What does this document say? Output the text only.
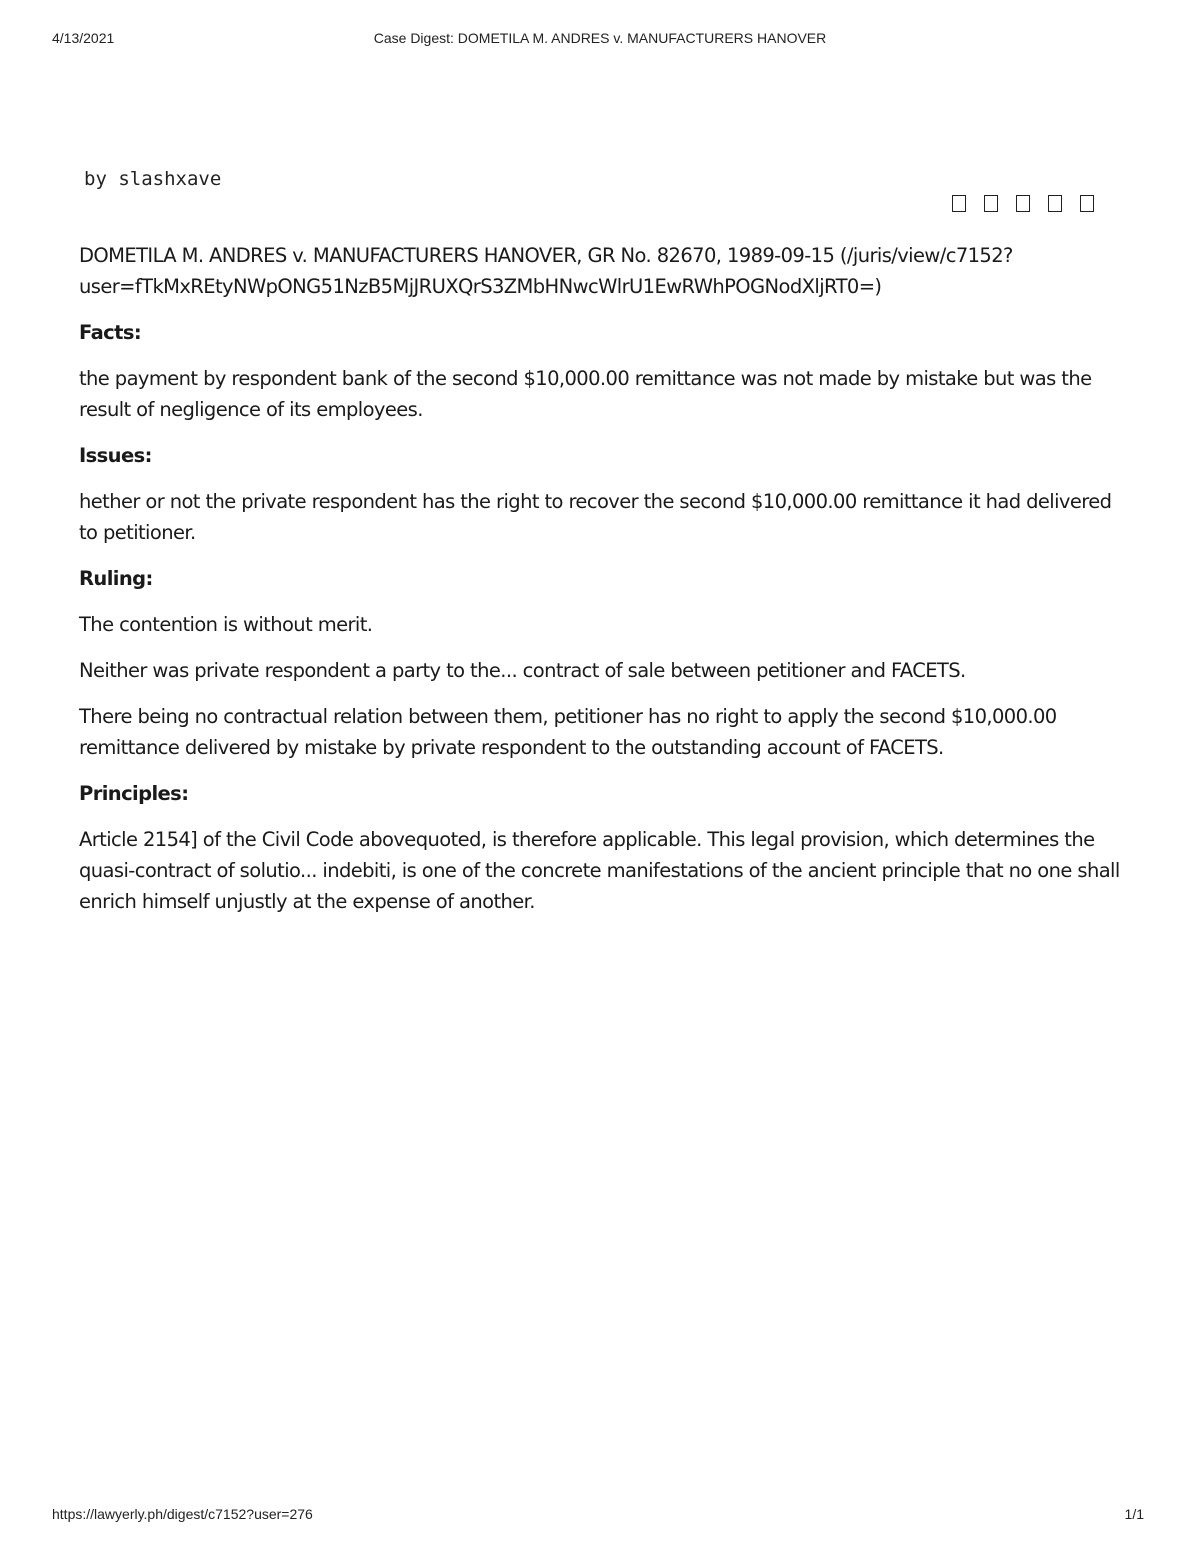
4/13/2021	Case Digest: DOMETILA M. ANDRES v. MANUFACTURERS HANOVER
by slashxave

DOMETILA M. ANDRES v. MANUFACTURERS HANOVER, GR No. 82670, 1989-09-15 (/juris/view/c7152?user=fTkMxREtyNWpONG51NzB5MjJRUXQrS3ZMbHNwcWlrU1EwRWhPOGNodXljRT0=)

Facts:

the payment by respondent bank of the second $10,000.00 remittance was not made by mistake but was the result of negligence of its employees.

Issues:

hether or not the private respondent has the right to recover the second $10,000.00 remittance it had delivered to petitioner.

Ruling:

The contention is without merit.

Neither was private respondent a party to the... contract of sale between petitioner and FACETS.

There being no contractual relation between them, petitioner has no right to apply the second $10,000.00 remittance delivered by mistake by private respondent to the outstanding account of FACETS.

Principles:

Article 2154] of the Civil Code abovequoted, is therefore applicable. This legal provision, which determines the quasi-contract of solutio... indebiti, is one of the concrete manifestations of the ancient principle that no one shall enrich himself unjustly at the expense of another.

https://lawyerly.ph/digest/c7152?user=276	1/1
